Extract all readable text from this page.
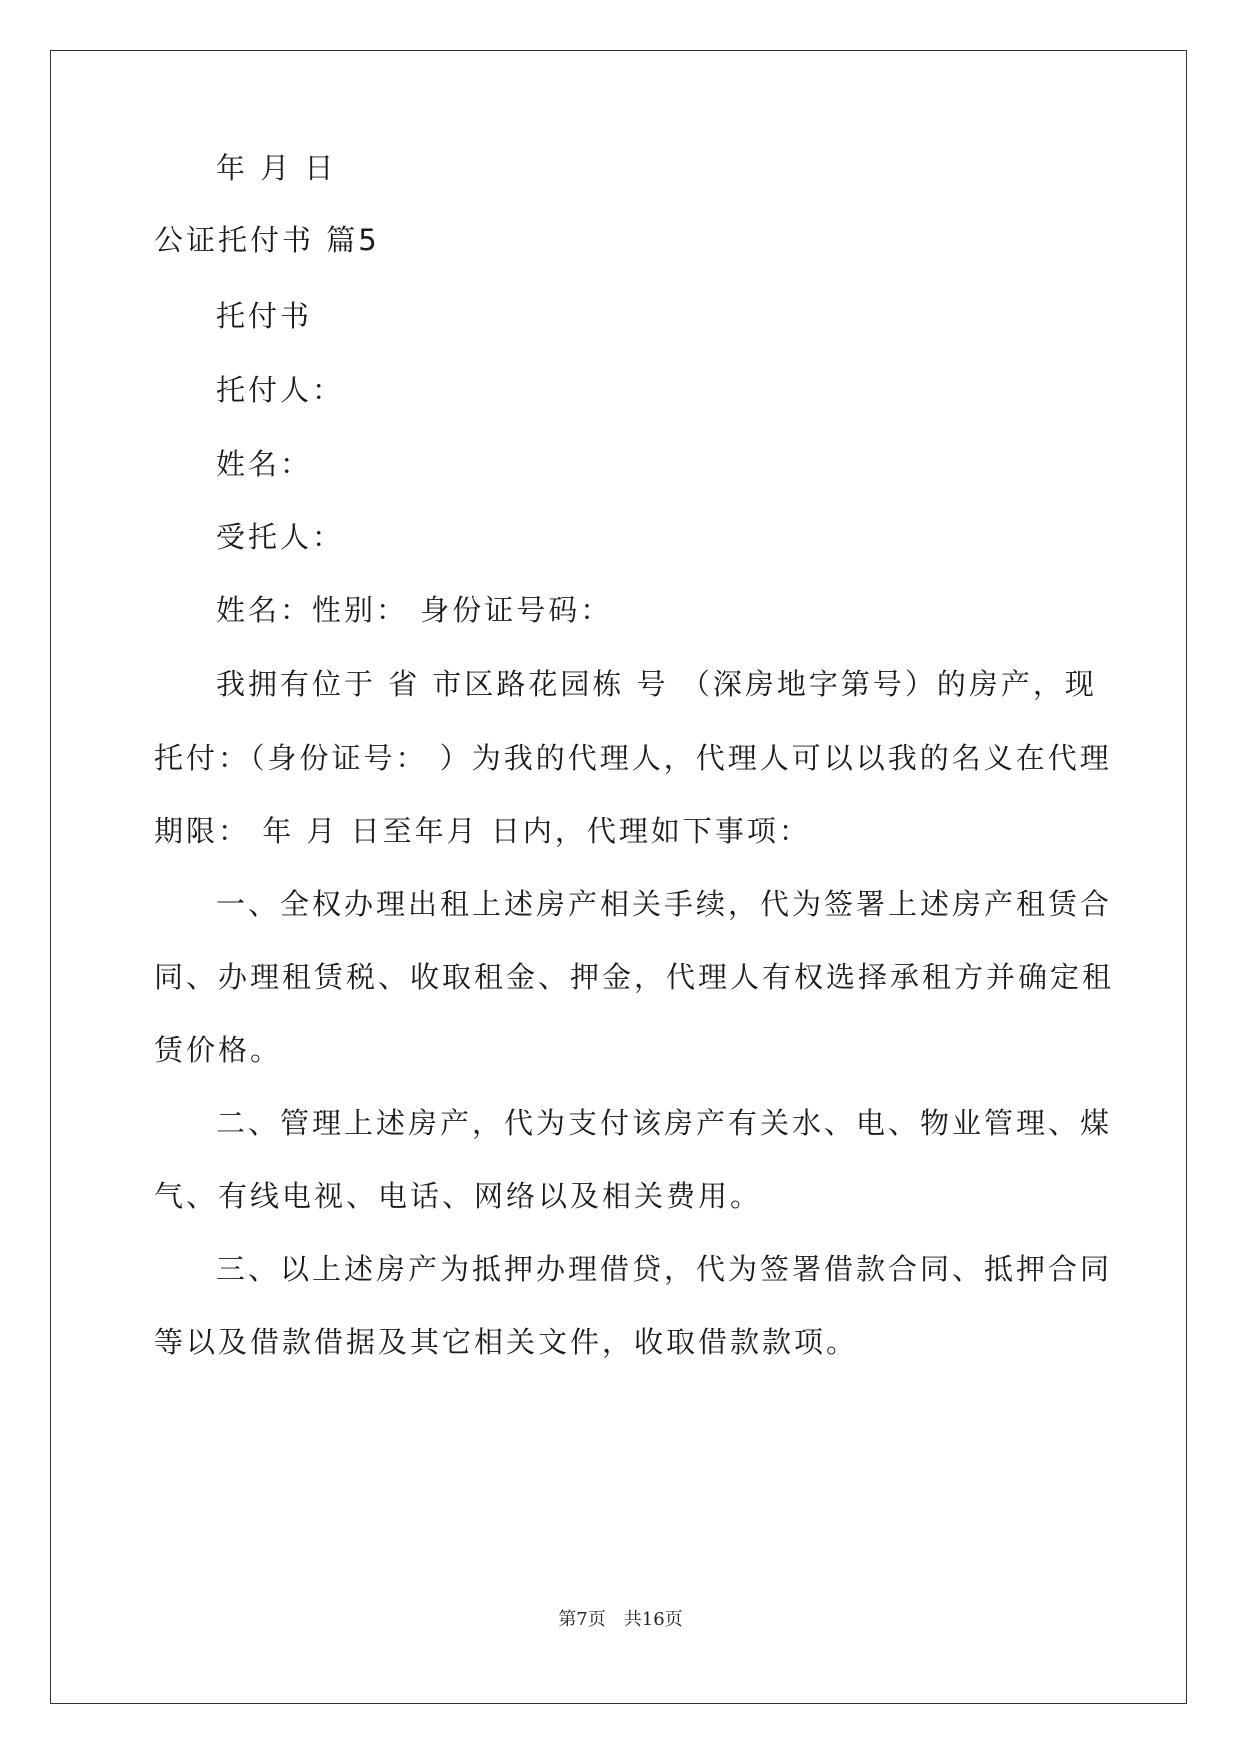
年 月 日
公证托付书 篇5
托付书
托付人：
姓名：
受托人：
姓名：性别： 身份证号码：
我拥有位于 省 市区路花园栋 号 （深房地字第号）的房产，现
托付：（身份证号： ）为我的代理人，代理人可以以我的名义在代理
期限： 年 月 日至年月 日内，代理如下事项：
一、全权办理出租上述房产相关手续，代为签署上述房产租赁合
同、办理租赁税、收取租金、押金，代理人有权选择承租方并确定租
赁价格。
二、管理上述房产，代为支付该房产有关水、电、物业管理、煤
气、有线电视、电话、网络以及相关费用。
三、以上述房产为抵押办理借贷，代为签署借款合同、抵押合同
等以及借款借据及其它相关文件，收取借款款项。
第7页　共16页
